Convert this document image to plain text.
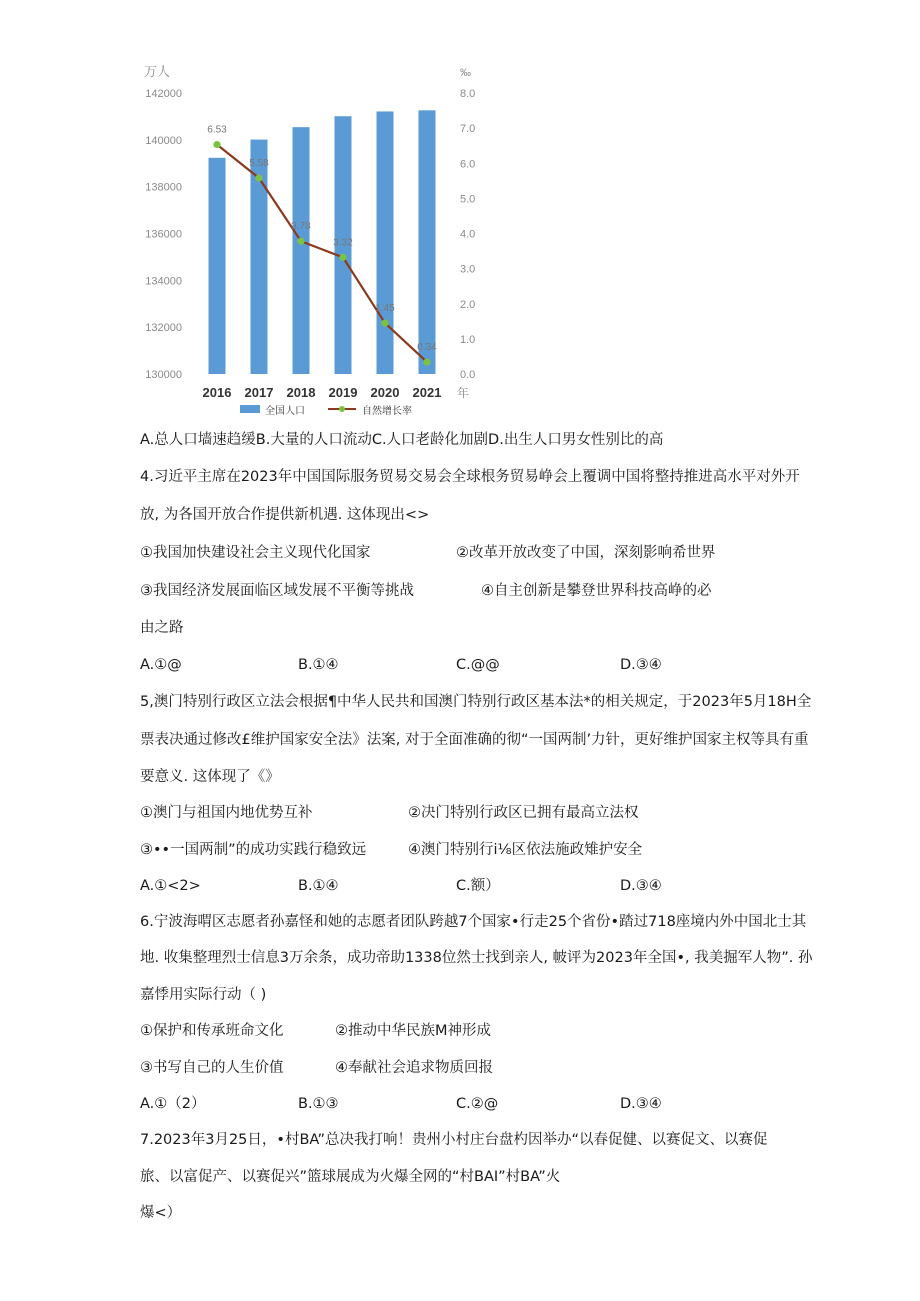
万人	‰
年
130000
132000
134000
136000
138000
140000
142000
0.0
1.0
2.0
3.0
4.0
5.0
6.0
7.0
8.0
2016 2017 2018 2019 2020 2021
6.53
5.58
3.78
3.32
1.45
0.34
全国人口	自然增长率
A.总人口墙速趋缓B.大量的人口流动C.人口老龄化加剧D.出生人口男女性别比的高
4.习近平主席在2023年中国国际服务贸易交易会全球根务贸易峥会上覆调中国将整持推进高水平对外开
放, 为各国开放合作提供新机遇. 这体现出<>
①我国加快建设社会主义现代化国家	②改革开放改变了中国，深刻影响希世界
③我国经济发展面临区域发展不平衡等挑战	④自主创新是攀登世界科技高峥的必
由之路
A.①@	B.①④	C.@@	D.③④
5,澳门特别行政区立法会根据¶中华人民共和国澳门特别行政区基本法*的相关规定，于2023年5月18H全
票表决通过修改£维护国家安全法》法案, 对于全面准确的彻“一国两制’力针，更好维护国家主权等具有重
要意义. 这体现了《》
①澳门与祖国内地优势互补	②决门特别行政区已拥有最高立法权
③••一国两制”的成功实践行稳致远	④澳门特别行i⅛区依法施政雉护安全
A.①<2>	B.①④	C.额）	D.③④
6.宁波海喟区志愿者孙嘉怪和她的志愿者团队跨越7个国家•行走25个省份•踏过718座境内外中国北士其
地. 收集整理烈士信息3万余条，成功帝助1338位然士找到亲人, 帔评为2023年全国•, 我美掘军人物”. 孙
嘉悸用实际行动（ )
①保护和传承班命文化	②推动中华民族M神形成
③书写自己的人生价值	④奉献社会追求物质回报
A.①（2）	B.①③	C.②@	D.③④
7.2023年3月25日，•村BA”总决我打响！贵州小村庄台盘杓因举办“以春促健、以赛促文、以赛促
旅、以富促产、以赛促兴”篮球展成为火爆全网的“村BAI”村BA”火
爆<）
